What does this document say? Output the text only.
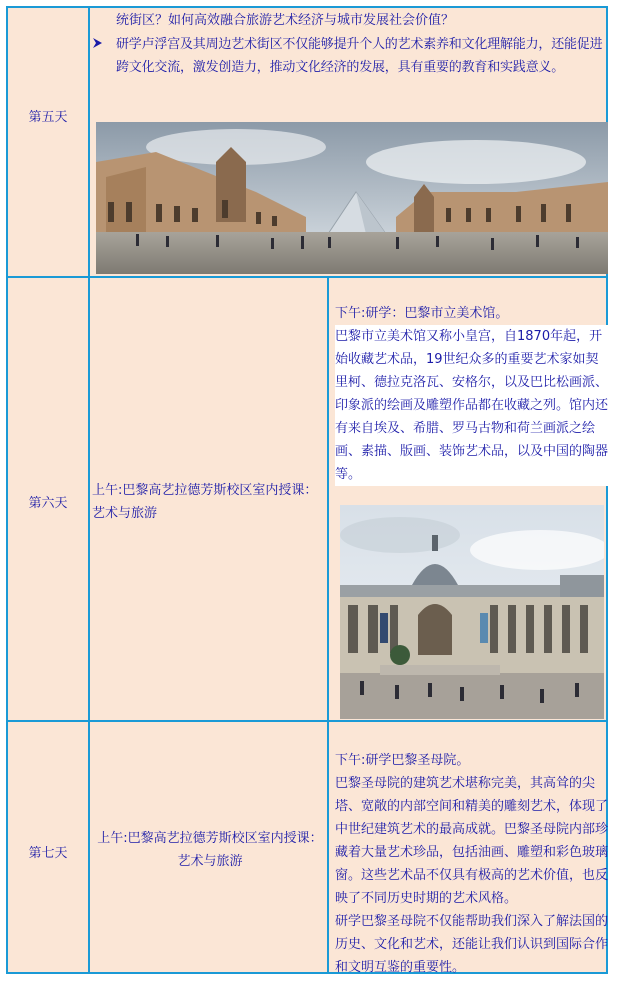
第五天
统街区？如何高效融合旅游艺术经济与城市发展社会价值？
研学卢浮宫及其周边艺术街区不仅能够提升个人的艺术素养和文化理解能力，还能促进跨文化交流，激发创造力，推动文化经济的发展，具有重要的教育和实践意义。
第六天
上午:巴黎高艺拉德芳斯校区室内授课：艺术与旅游
下午:研学：巴黎市立美术馆。
巴黎市立美术馆又称小皇宫，自1870年起，开始收藏艺术品，19世纪众多的重要艺术家如契里柯、德拉克洛瓦、安格尔，以及巴比松画派、印象派的绘画及雕塑作品都在收藏之列。馆内还有来自埃及、希腊、罗马古物和荷兰画派之绘画、素描、版画、装饰艺术品，以及中国的陶器等。
第七天
上午:巴黎高艺拉德芳斯校区室内授课：艺术与旅游
下午:研学巴黎圣母院。
巴黎圣母院的建筑艺术堪称完美，其高耸的尖塔、宽敞的内部空间和精美的雕刻艺术，体现了中世纪建筑艺术的最高成就。巴黎圣母院内部珍藏着大量艺术珍品，包括油画、雕塑和彩色玻璃窗。这些艺术品不仅具有极高的艺术价值，也反映了不同历史时期的艺术风格。
研学巴黎圣母院不仅能帮助我们深入了解法国的历史、文化和艺术，还能让我们认识到国际合作和文明互鉴的重要性。
